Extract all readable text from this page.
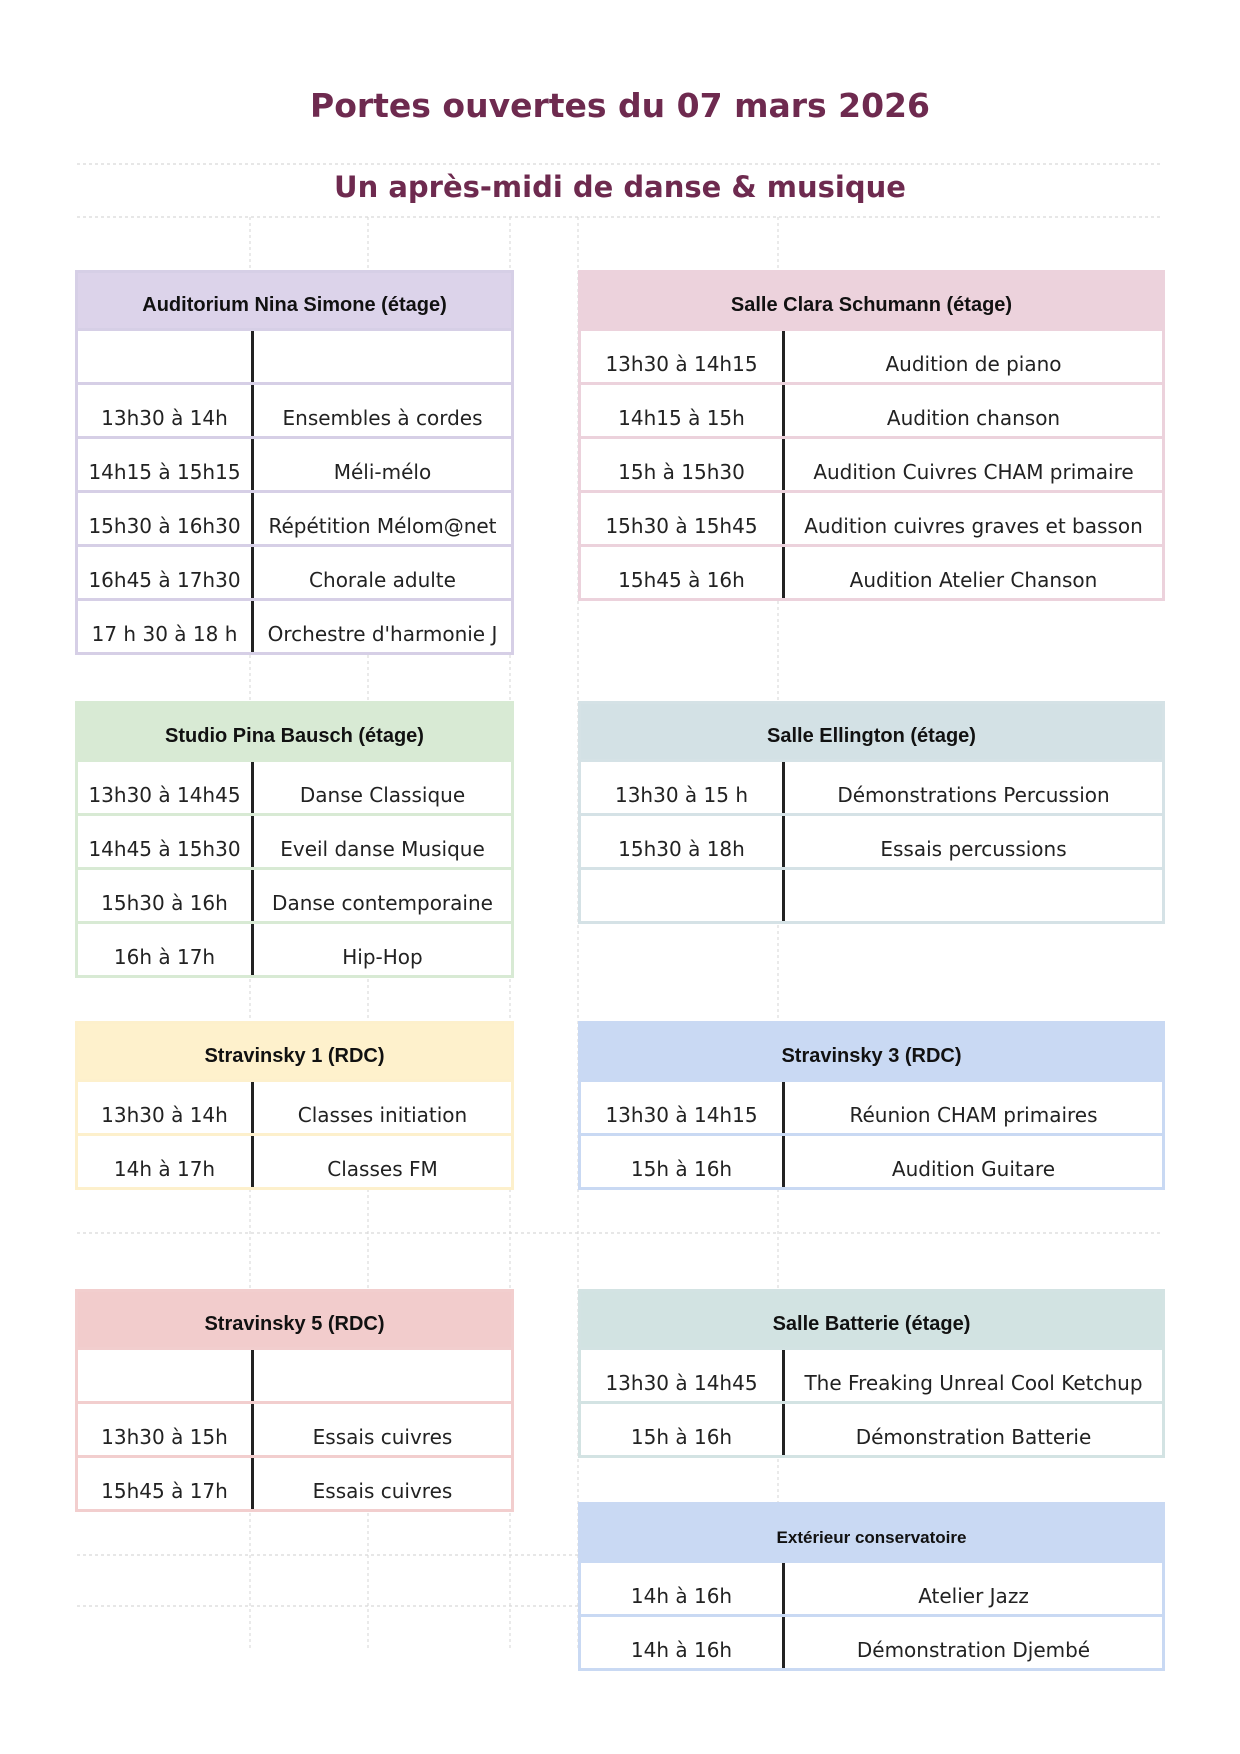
Portes ouvertes du 07 mars 2026
Un après-midi de danse & musique
Auditorium Nina Simone (étage)
13h30 à 14h	Ensembles à cordes
14h15 à 15h15	Méli-mélo
15h30 à 16h30	Répétition Mélom@net
16h45 à 17h30	Chorale adulte
17 h 30 à 18 h	Orchestre d'harmonie J
Studio Pina Bausch (étage)
13h30 à 14h45	Danse Classique
14h45 à 15h30	Eveil danse Musique
15h30 à 16h	Danse contemporaine
16h à 17h	Hip-Hop
Stravinsky 1 (RDC)
13h30 à 14h	Classes initiation
14h à 17h	Classes FM
Stravinsky 5 (RDC)
13h30 à 15h	Essais cuivres
15h45 à 17h	Essais cuivres
Salle Clara Schumann (étage)
13h30 à 14h15	Audition de piano
14h15 à 15h	Audition chanson
15h à 15h30	Audition Cuivres CHAM primaire
15h30 à 15h45	Audition cuivres graves et basson
15h45 à 16h	Audition Atelier Chanson
Salle Ellington (étage)
13h30 à 15 h	Démonstrations Percussion
15h30 à 18h	Essais percussions
Stravinsky 3 (RDC)
13h30 à 14h15	Réunion CHAM primaires
15h à 16h	Audition Guitare
Salle Batterie (étage)
13h30 à 14h45	The Freaking Unreal Cool Ketchup
15h à 16h	Démonstration Batterie
Extérieur conservatoire
14h à 16h	Atelier Jazz
14h à 16h	Démonstration Djembé
